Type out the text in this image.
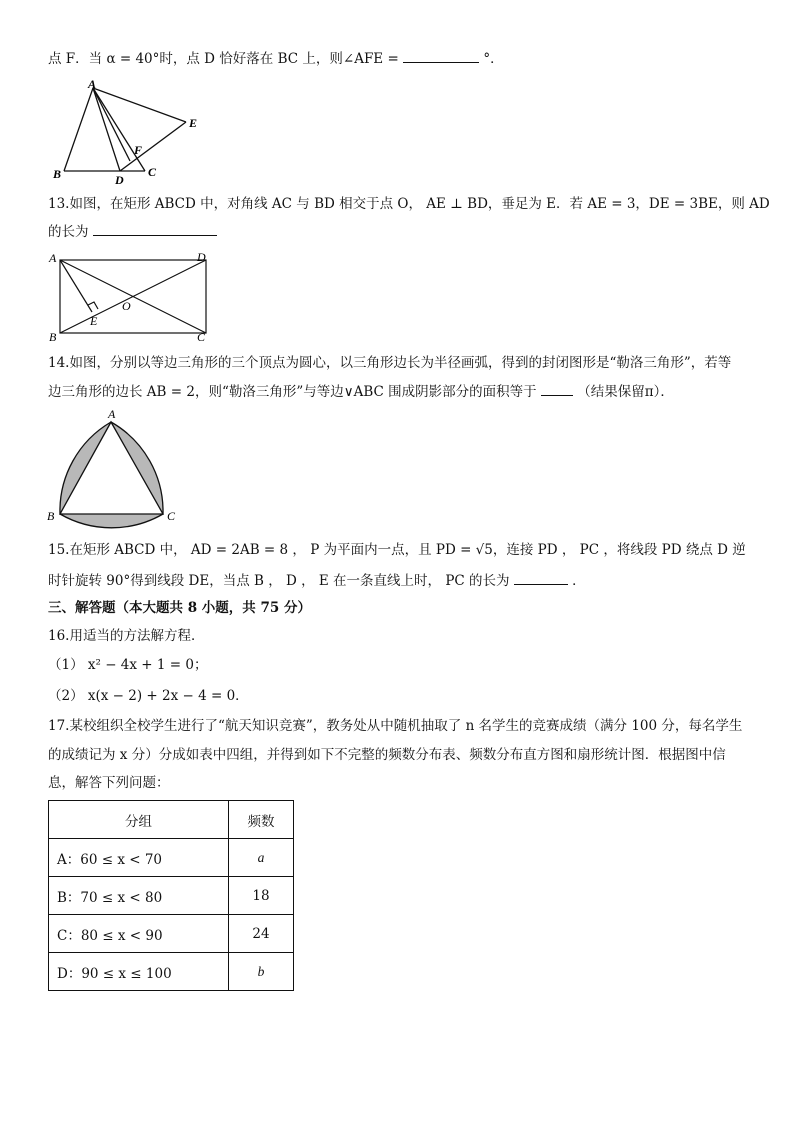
点 F．当 α = 40°时，点 D 恰好落在 BC 上，则∠AFE =	°．
A
E
F
B	D
C
13.如图，在矩形 ABCD 中，对角线 AC 与 BD 相交于点 O， AE ⊥ BD，垂足为 E．若 AE = 3，DE = 3BE，则 AD
的长为
A	D
B	C
E
O
14.如图，分别以等边三角形的三个顶点为圆心，以三角形边长为半径画弧，得到的封闭图形是“勒洛三角形”，若等
边三角形的边长 AB = 2，则“勒洛三角形”与等边∨ABC 围成阴影部分的面积等于	（结果保留π）．
A
B	C
15.在矩形 ABCD 中， AD = 2AB = 8 ， P 为平面内一点，且 PD = √5，连接 PD ， PC ，将线段 PD 绕点 D 逆
时针旋转 90°得到线段 DE，当点 B ， D ， E 在一条直线上时， PC 的长为	．
三、解答题（本大题共 8 小题，共 75 分）
16.用适当的方法解方程．
（1） x² − 4x + 1 = 0；
（2） x(x − 2) + 2x − 4 = 0．
17.某校组织全校学生进行了“航天知识竞赛”，教务处从中随机抽取了 n 名学生的竞赛成绩（满分 100 分，每名学生
的成绩记为 x 分）分成如表中四组，并得到如下不完整的频数分布表、频数分布直方图和扇形统计图．根据图中信
息，解答下列问题：
分组	频数
A：60 ≤ x < 70	a
B：70 ≤ x < 80	18
C：80 ≤ x < 90	24
D：90 ≤ x ≤ 100	b
